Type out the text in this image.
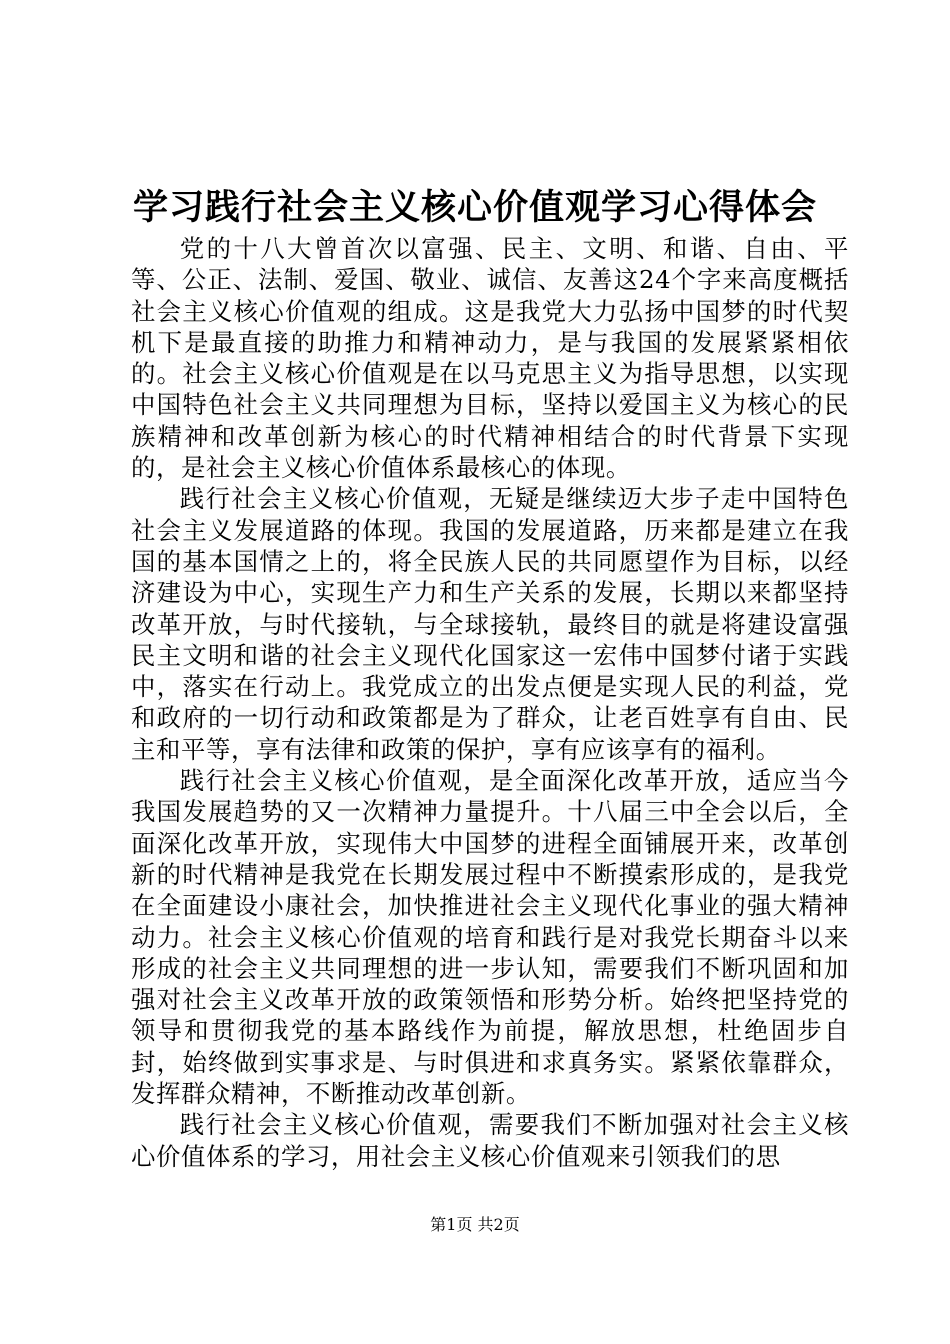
学习践行社会主义核心价值观学习心得体会

党的十八大曾首次以富强、民主、文明、和谐、自由、平等、公正、法制、爱国、敬业、诚信、友善这24个字来高度概括社会主义核心价值观的组成。这是我党大力弘扬中国梦的时代契机下是最直接的助推力和精神动力，是与我国的发展紧紧相依的。社会主义核心价值观是在以马克思主义为指导思想，以实现中国特色社会主义共同理想为目标，坚持以爱国主义为核心的民族精神和改革创新为核心的时代精神相结合的时代背景下实现的，是社会主义核心价值体系最核心的体现。

践行社会主义核心价值观，无疑是继续迈大步子走中国特色社会主义发展道路的体现。我国的发展道路，历来都是建立在我国的基本国情之上的，将全民族人民的共同愿望作为目标，以经济建设为中心，实现生产力和生产关系的发展，长期以来都坚持改革开放，与时代接轨，与全球接轨，最终目的就是将建设富强民主文明和谐的社会主义现代化国家这一宏伟中国梦付诸于实践中，落实在行动上。我党成立的出发点便是实现人民的利益，党和政府的一切行动和政策都是为了群众，让老百姓享有自由、民主和平等，享有法律和政策的保护，享有应该享有的福利。

践行社会主义核心价值观，是全面深化改革开放，适应当今我国发展趋势的又一次精神力量提升。十八届三中全会以后，全面深化改革开放，实现伟大中国梦的进程全面铺展开来，改革创新的时代精神是我党在长期发展过程中不断摸索形成的，是我党在全面建设小康社会，加快推进社会主义现代化事业的强大精神动力。社会主义核心价值观的培育和践行是对我党长期奋斗以来形成的社会主义共同理想的进一步认知，需要我们不断巩固和加强对社会主义改革开放的政策领悟和形势分析。始终把坚持党的领导和贯彻我党的基本路线作为前提，解放思想，杜绝固步自封，始终做到实事求是、与时俱进和求真务实。紧紧依靠群众，发挥群众精神，不断推动改革创新。

践行社会主义核心价值观，需要我们不断加强对社会主义核心价值体系的学习，用社会主义核心价值观来引领我们的思

第1页 共2页
